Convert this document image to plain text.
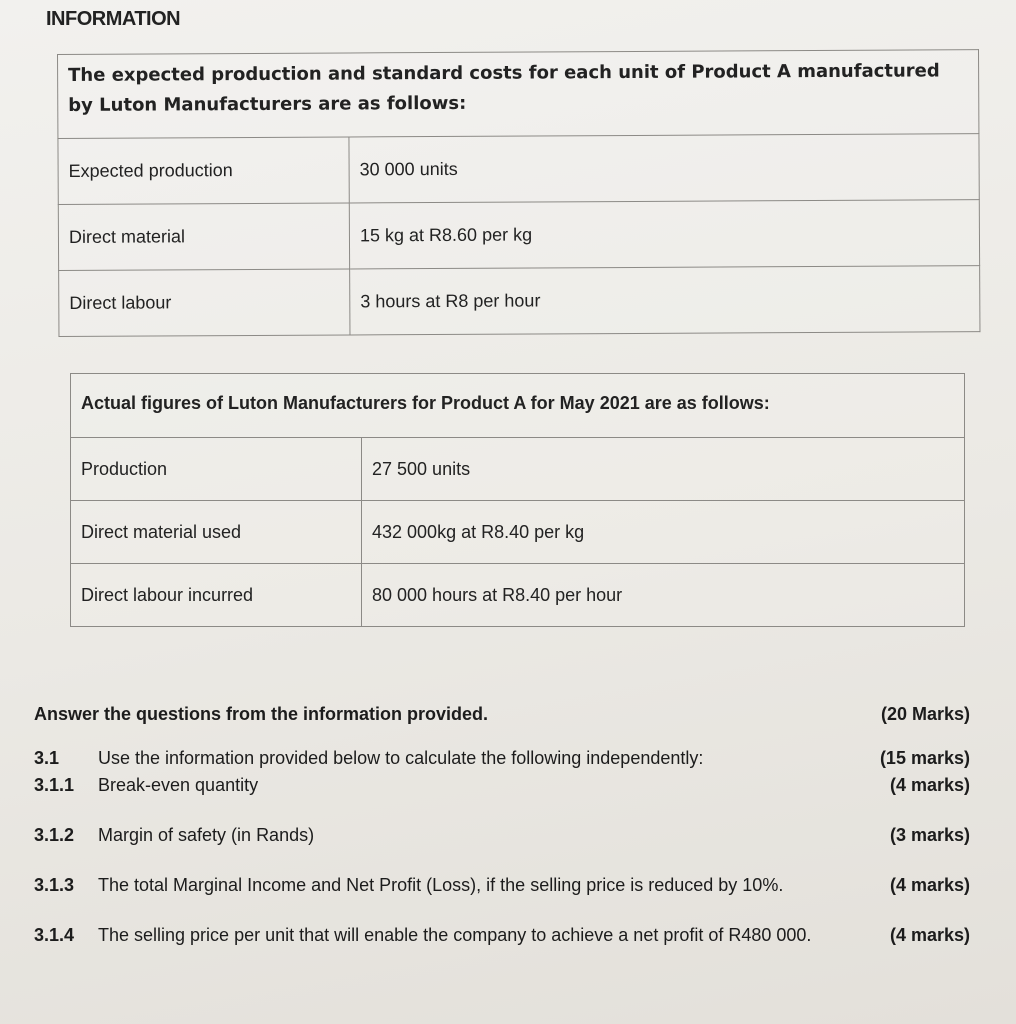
INFORMATION
The expected production and standard costs for each unit of Product A manufactured by Luton Manufacturers are as follows:	
Expected production	30 000 units
Direct material	15 kg at R8.60 per kg
Direct labour	3 hours at R8 per hour
Actual figures of Luton Manufacturers for Product A for May 2021 are as follows:	
Production	27 500 units
Direct material used	432 000kg at R8.40 per kg
Direct labour incurred	80 000 hours at R8.40 per hour
Answer the questions from the information provided.	(20 Marks)
3.1 Use the information provided below to calculate the following independently:	(15 marks)
3.1.1 Break-even quantity	(4 marks)
3.1.2 Margin of safety (in Rands)	(3 marks)
3.1.3 The total Marginal Income and Net Profit (Loss), if the selling price is reduced by 10%.	(4 marks)
3.1.4 The selling price per unit that will enable the company to achieve a net profit of R480 000.	(4 marks)
